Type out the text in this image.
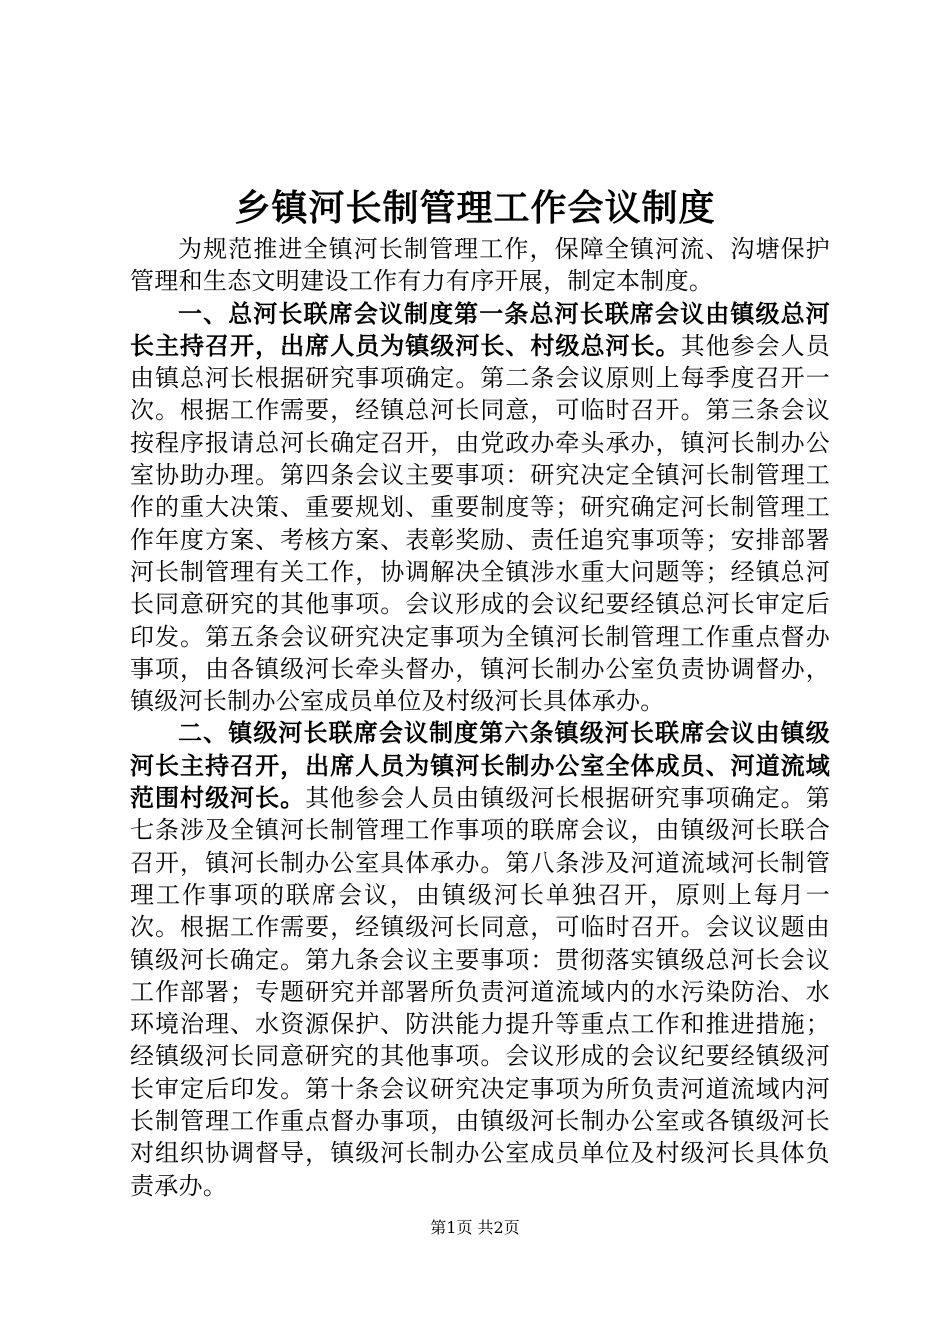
乡镇河长制管理工作会议制度

为规范推进全镇河长制管理工作，保障全镇河流、沟塘保护管理和生态文明建设工作有力有序开展，制定本制度。

一、总河长联席会议制度第一条总河长联席会议由镇级总河长主持召开，出席人员为镇级河长、村级总河长。其他参会人员由镇总河长根据研究事项确定。第二条会议原则上每季度召开一次。根据工作需要，经镇总河长同意，可临时召开。第三条会议按程序报请总河长确定召开，由党政办牵头承办，镇河长制办公室协助办理。第四条会议主要事项：研究决定全镇河长制管理工作的重大决策、重要规划、重要制度等；研究确定河长制管理工作年度方案、考核方案、表彰奖励、责任追究事项等；安排部署河长制管理有关工作，协调解决全镇涉水重大问题等；经镇总河长同意研究的其他事项。会议形成的会议纪要经镇总河长审定后印发。第五条会议研究决定事项为全镇河长制管理工作重点督办事项，由各镇级河长牵头督办，镇河长制办公室负责协调督办，镇级河长制办公室成员单位及村级河长具体承办。

二、镇级河长联席会议制度第六条镇级河长联席会议由镇级河长主持召开，出席人员为镇河长制办公室全体成员、河道流域范围村级河长。其他参会人员由镇级河长根据研究事项确定。第七条涉及全镇河长制管理工作事项的联席会议，由镇级河长联合召开，镇河长制办公室具体承办。第八条涉及河道流域河长制管理工作事项的联席会议，由镇级河长单独召开，原则上每月一次。根据工作需要，经镇级河长同意，可临时召开。会议议题由镇级河长确定。第九条会议主要事项：贯彻落实镇级总河长会议工作部署；专题研究并部署所负责河道流域内的水污染防治、水环境治理、水资源保护、防洪能力提升等重点工作和推进措施；经镇级河长同意研究的其他事项。会议形成的会议纪要经镇级河长审定后印发。第十条会议研究决定事项为所负责河道流域内河长制管理工作重点督办事项，由镇级河长制办公室或各镇级河长对组织协调督导，镇级河长制办公室成员单位及村级河长具体负责承办。

第1页 共2页
